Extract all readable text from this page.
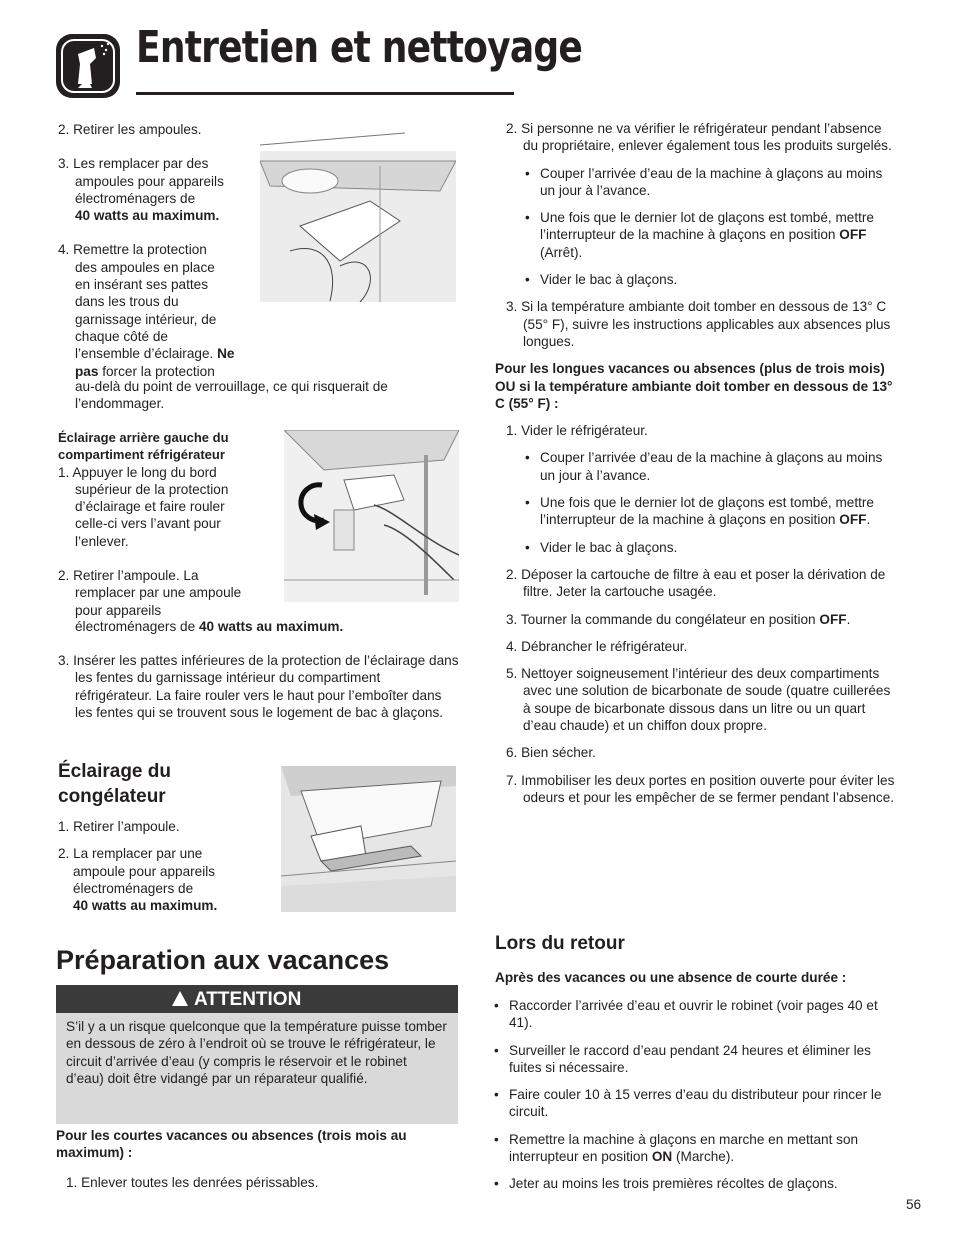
Entretien et nettoyage
2. Retirer les ampoules.
3. Les remplacer par des
ampoules pour appareils
électroménagers de
40 watts au maximum.
4. Remettre la protection
des ampoules en place
en insérant ses pattes
dans les trous du
garnissage intérieur, de
chaque côté de
l’ensemble d’éclairage. Ne
pas forcer la protection
au-delà du point de verrouillage, ce qui risquerait de
l’endommager.
Éclairage arrière gauche du
compartiment réfrigérateur
1. Appuyer le long du bord
supérieur de la protection
d’éclairage et faire rouler
celle-ci vers l’avant pour
l’enlever.
2. Retirer l’ampoule. La
remplacer par une ampoule
pour appareils
électroménagers de 40 watts au maximum.
3. Insérer les pattes inférieures de la protection de l’éclairage dans les fentes du garnissage intérieur du compartiment réfrigérateur. La faire rouler vers le haut pour l’emboîter dans les fentes qui se trouvent sous le logement de bac à glaçons.
Éclairage du
congélateur
1. Retirer l’ampoule.
2. La remplacer par une
ampoule pour appareils
électroménagers de
40 watts au maximum.
Préparation aux vacances
ATTENTION
S’il y a un risque quelconque que la température puisse tomber en dessous de zéro à l’endroit où se trouve le réfrigérateur, le circuit d’arrivée d’eau (y compris le réservoir et le robinet d’eau) doit être vidangé par un réparateur qualifié.
Pour les courtes vacances ou absences (trois mois au maximum) :
1. Enlever toutes les denrées périssables.
2. Si personne ne va vérifier le réfrigérateur pendant l’absence du propriétaire, enlever également tous les produits surgelés.
• Couper l’arrivée d’eau de la machine à glaçons au moins un jour à l’avance.
• Une fois que le dernier lot de glaçons est tombé, mettre l’interrupteur de la machine à glaçons en position OFF (Arrêt).
• Vider le bac à glaçons.
3. Si la température ambiante doit tomber en dessous de 13° C (55° F), suivre les instructions applicables aux absences plus longues.
Pour les longues vacances ou absences (plus de trois mois) OU si la température ambiante doit tomber en dessous de 13° C (55° F) :
1. Vider le réfrigérateur.
• Couper l’arrivée d’eau de la machine à glaçons au moins un jour à l’avance.
• Une fois que le dernier lot de glaçons est tombé, mettre l’interrupteur de la machine à glaçons en position OFF.
• Vider le bac à glaçons.
2. Déposer la cartouche de filtre à eau et poser la dérivation de filtre. Jeter la cartouche usagée.
3. Tourner la commande du congélateur en position OFF.
4. Débrancher le réfrigérateur.
5. Nettoyer soigneusement l’intérieur des deux compartiments avec une solution de bicarbonate de soude (quatre cuillerées à soupe de bicarbonate dissous dans un litre ou un quart d’eau chaude) et un chiffon doux propre.
6. Bien sécher.
7. Immobiliser les deux portes en position ouverte pour éviter les odeurs et pour les empêcher de se fermer pendant l’absence.
Lors du retour
Après des vacances ou une absence de courte durée :
• Raccorder l’arrivée d’eau et ouvrir le robinet (voir pages 40 et 41).
• Surveiller le raccord d’eau pendant 24 heures et éliminer les fuites si nécessaire.
• Faire couler 10 à 15 verres d’eau du distributeur pour rincer le circuit.
• Remettre la machine à glaçons en marche en mettant son interrupteur en position ON (Marche).
• Jeter au moins les trois premières récoltes de glaçons.
56
